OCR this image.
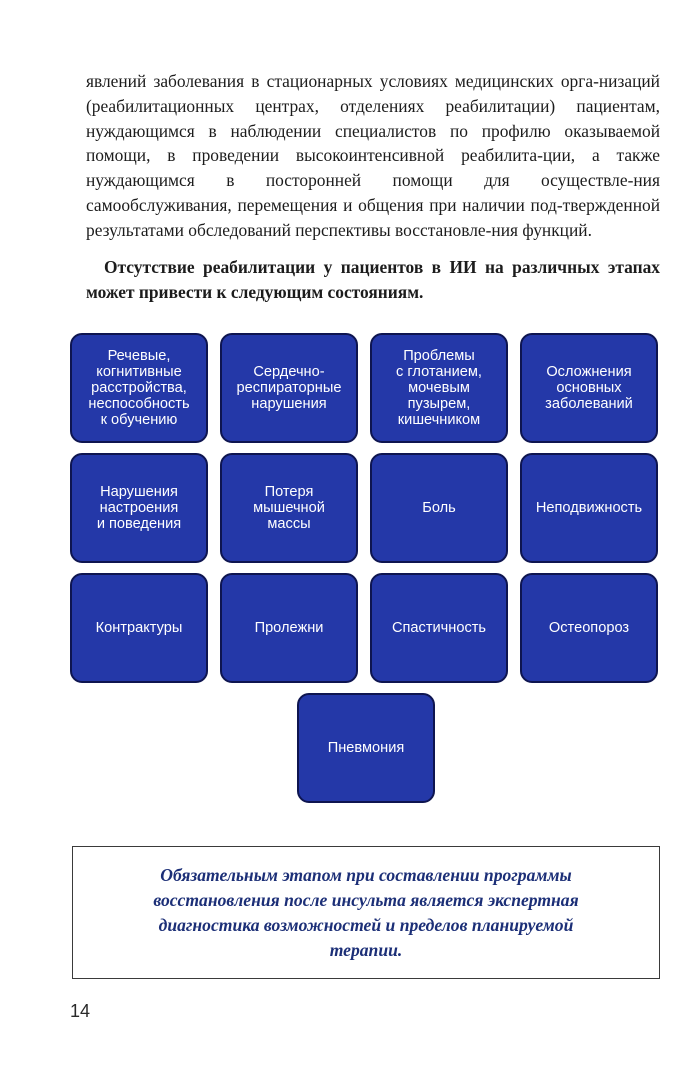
явлений заболевания в стационарных условиях медицинских орга-низаций (реабилитационных центрах, отделениях реабилитации) пациентам, нуждающимся в наблюдении специалистов по профилю оказываемой помощи, в проведении высокоинтенсивной реабилита-ции, а также нуждающимся в посторонней помощи для осуществле-ния самообслуживания, перемещения и общения при наличии под-твержденной результатами обследований перспективы восстановле-ния функций.

Отсутствие реабилитации у пациентов в ИИ на различных этапах может привести к следующим состояниям.

Речевые,
когнитивные
расстройства,
неспособность
к обучению
Сердечно-
респираторные
нарушения
Проблемы
с глотанием,
мочевым
пузырем,
кишечником
Осложнения
основных
заболеваний
Нарушения
настроения
и поведения
Потеря
мышечной
массы
Боль	Неподвижность
Контрактуры	Пролежни	Спастичность	Остеопороз
Пневмония
Обязательным этапом при составлении программы
восстановления после инсульта является экспертная
диагностика возможностей и пределов планируемой
терапии.
14
